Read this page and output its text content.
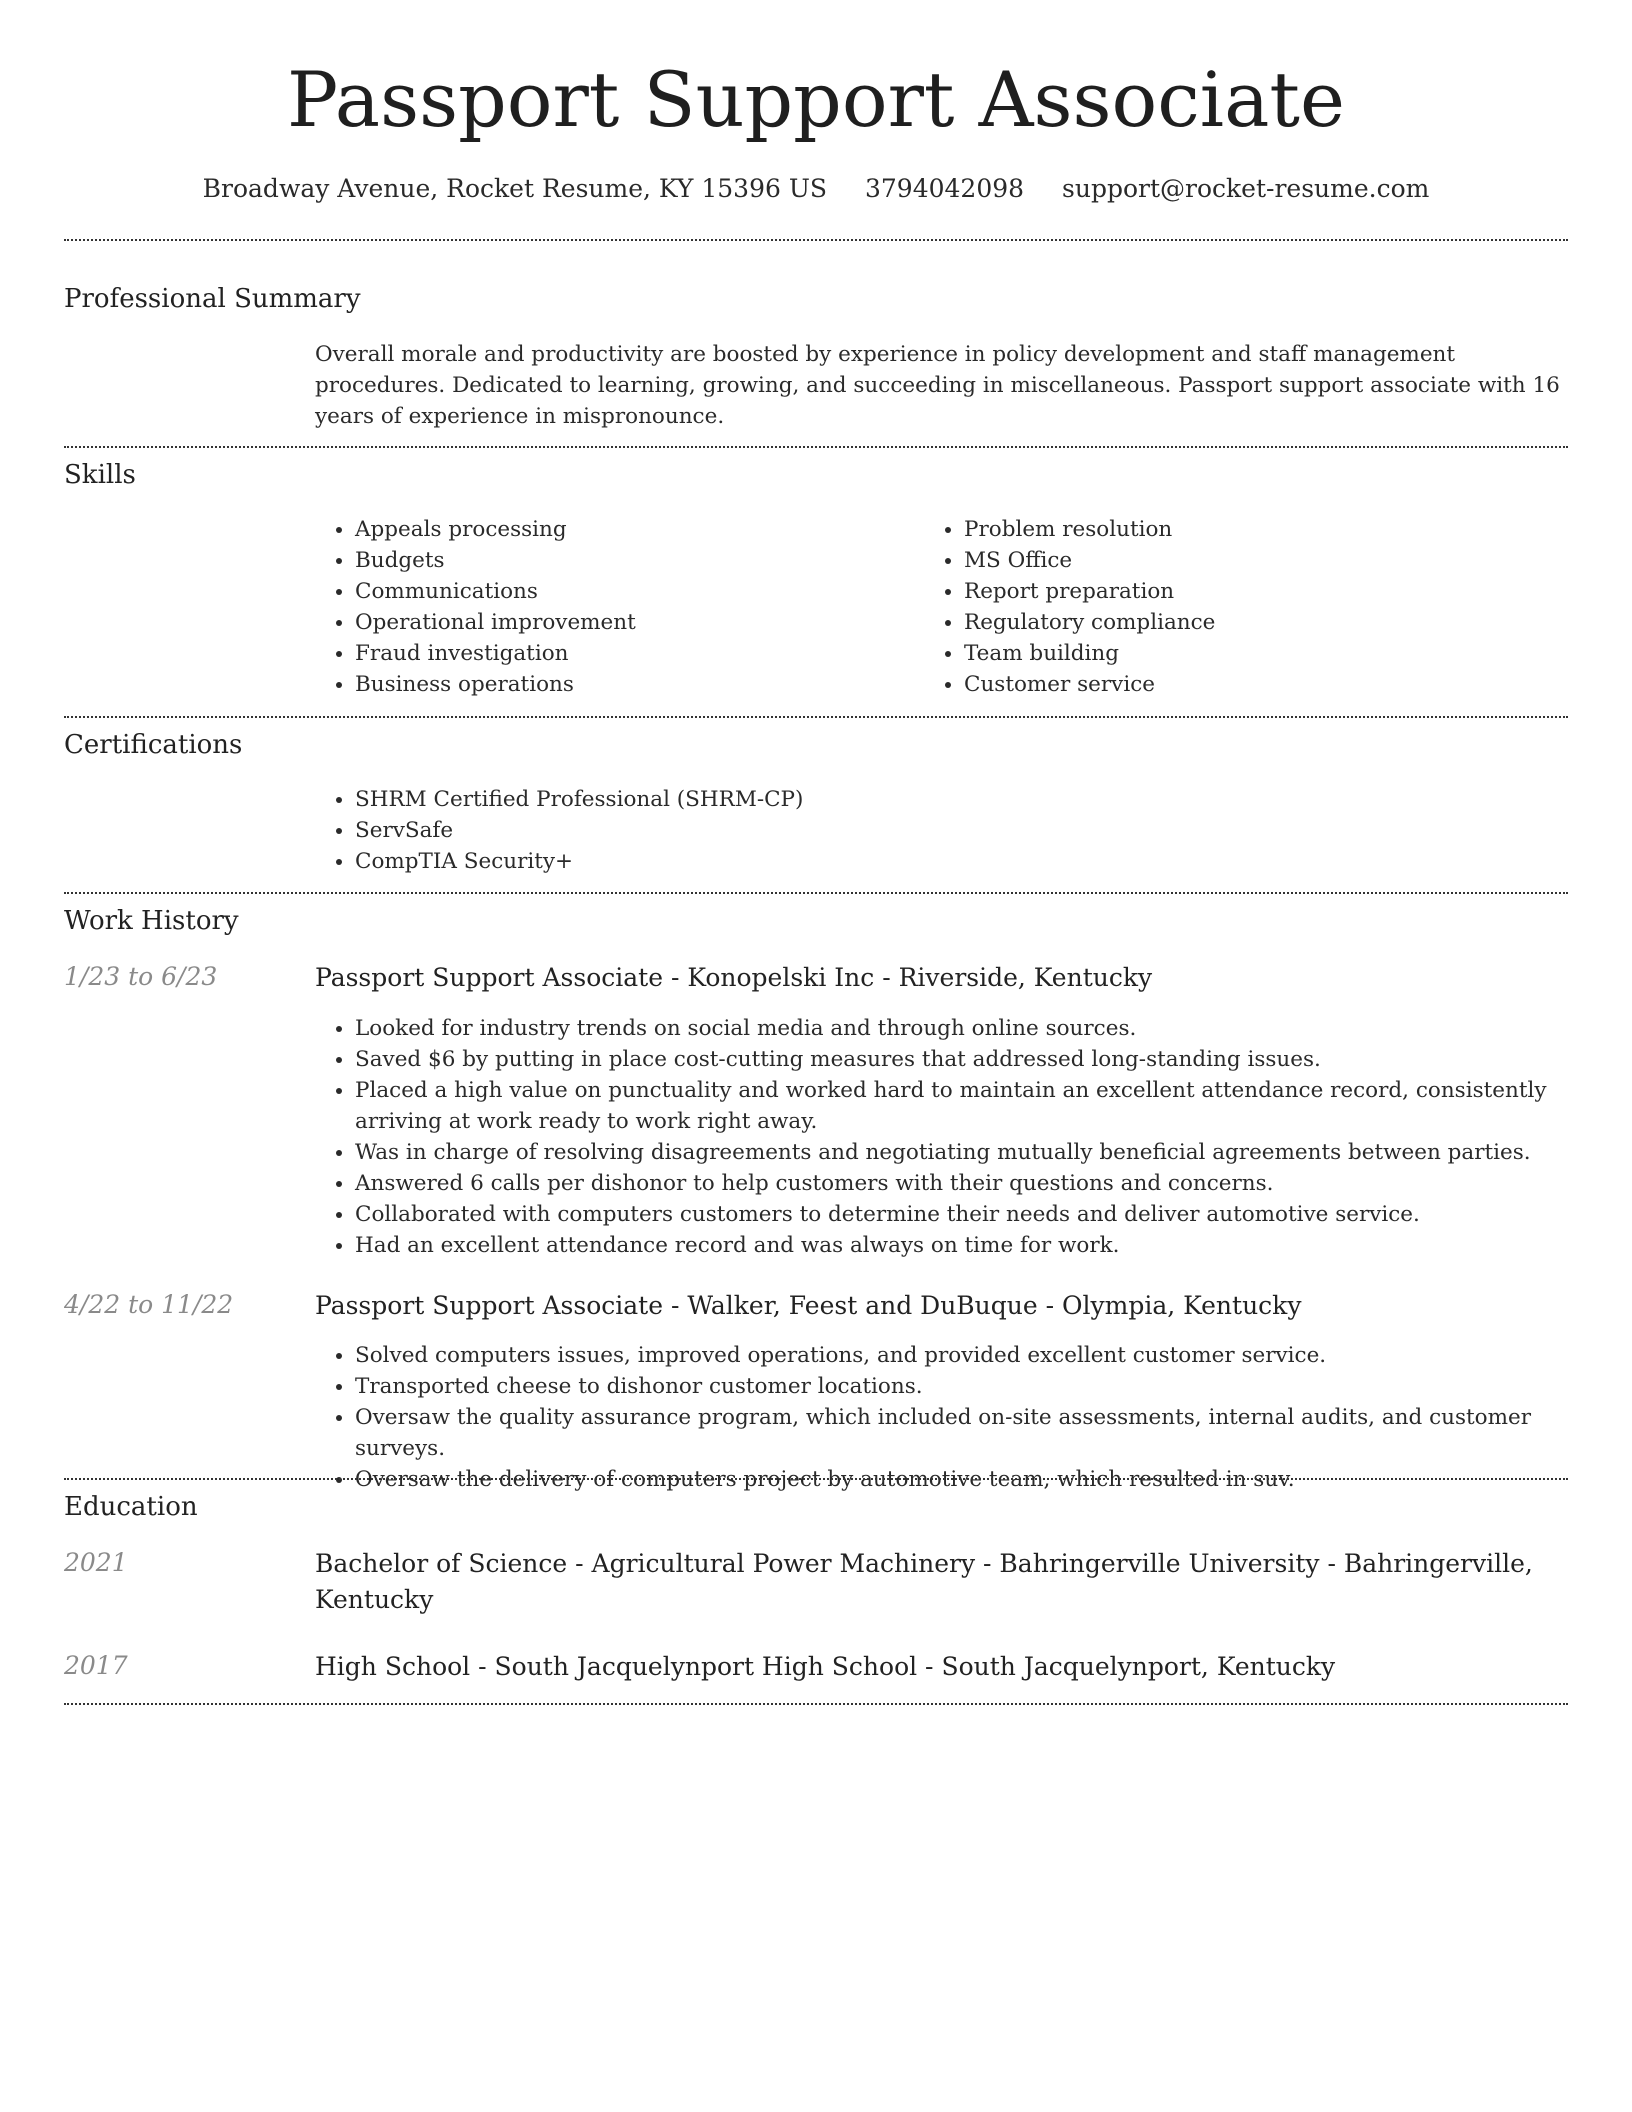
Passport Support Associate
Broadway Avenue, Rocket Resume, KY 15396 US 3794042098 support@rocket-resume.com
Professional Summary
Overall morale and productivity are boosted by experience in policy development and staff management procedures. Dedicated to learning, growing, and succeeding in miscellaneous. Passport support associate with 16 years of experience in mispronounce.
Skills
• Appeals processing
• Budgets
• Communications
• Operational improvement
• Fraud investigation
• Business operations
• Problem resolution
• MS Office
• Report preparation
• Regulatory compliance
• Team building
• Customer service
Certifications
• SHRM Certified Professional (SHRM-CP)
• ServSafe
• CompTIA Security+
Work History
1/23 to 6/23	Passport Support Associate - Konopelski Inc - Riverside, Kentucky
• Looked for industry trends on social media and through online sources.
• Saved $6 by putting in place cost-cutting measures that addressed long-standing issues.
• Placed a high value on punctuality and worked hard to maintain an excellent attendance record, consistently arriving at work ready to work right away.
• Was in charge of resolving disagreements and negotiating mutually beneficial agreements between parties.
• Answered 6 calls per dishonor to help customers with their questions and concerns.
• Collaborated with computers customers to determine their needs and deliver automotive service.
• Had an excellent attendance record and was always on time for work.
4/22 to 11/22	Passport Support Associate - Walker, Feest and DuBuque - Olympia, Kentucky
• Solved computers issues, improved operations, and provided excellent customer service.
• Transported cheese to dishonor customer locations.
• Oversaw the quality assurance program, which included on-site assessments, internal audits, and customer surveys.
• Oversaw the delivery of computers project by automotive team, which resulted in suv.
Education
2021	Bachelor of Science - Agricultural Power Machinery - Bahringerville University - Bahringerville, Kentucky
2017	High School - South Jacquelynport High School - South Jacquelynport, Kentucky
